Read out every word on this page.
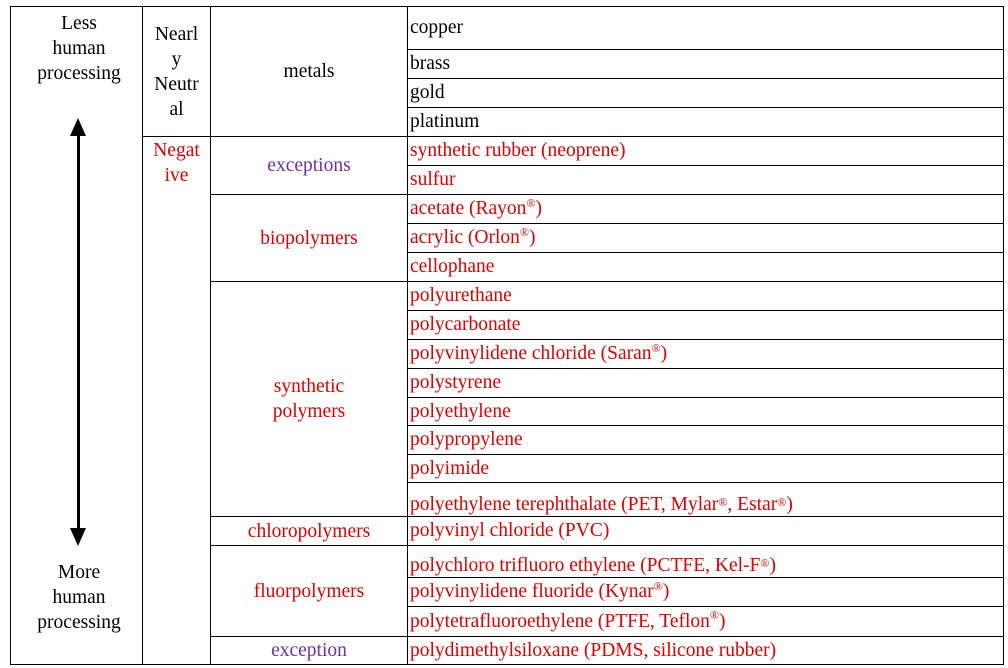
Less
human
processing
More
human
processing
Nearl
y
Neutr
al
Negat
ive
metals
exceptions
biopolymers
synthetic
polymers
chloropolymers
fluorpolymers
exception
copper
brass
gold
platinum
synthetic rubber (neoprene)
sulfur
acetate (Rayon® )
acrylic (Orlon® )
cellophane
polyurethane
polycarbonate
polyvinylidene chloride (Saran® )
polystyrene
polyethylene
polypropylene
polyimide
polyethylene terephthalate (PET, Mylar® , Estar® )
polyvinyl chloride (PVC)
polychloro trifluoro ethylene (PCTFE, Kel-F® )
polyvinylidene fluoride (Kynar® )
polytetrafluoroethylene (PTFE, Teflon® )
polydimethylsiloxane (PDMS, silicone rubber)
